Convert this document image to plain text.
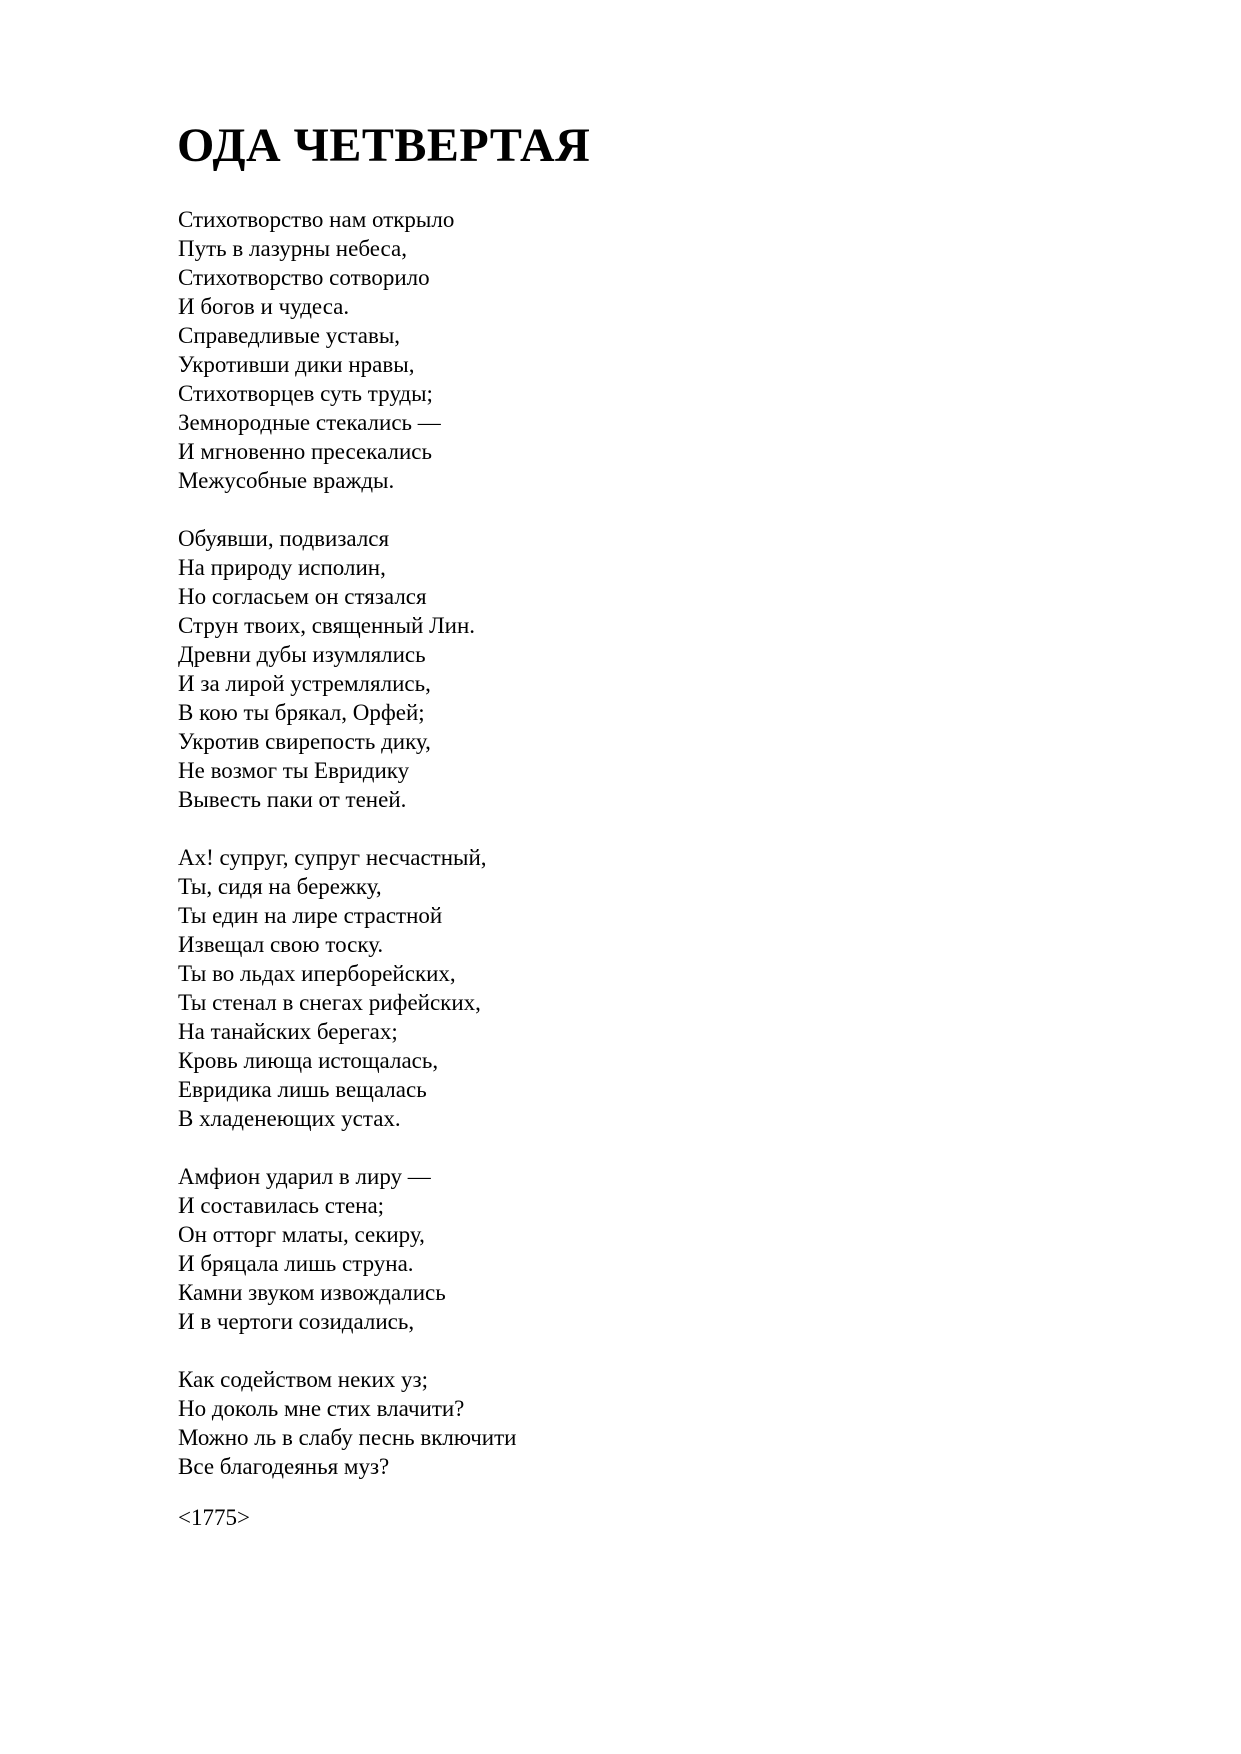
ОДА ЧЕТВЕРТАЯ
Стихотворство нам открыло
Путь в лазурны небеса,
Стихотворство сотворило
И богов и чудеса.
Справедливые уставы,
Укротивши дики нравы,
Стихотворцев суть труды;
Земнородные стекались —
И мгновенно пресекались
Межусобные вражды.
Обуявши, подвизался
На природу исполин,
Но согласьем он стязался
Струн твоих, священный Лин.
Древни дубы изумлялись
И за лирой устремлялись,
В кою ты брякал, Орфей;
Укротив свирепость дику,
Не возмог ты Евридику
Вывесть паки от теней.
Ах! супруг, супруг несчастный,
Ты, сидя на бережку,
Ты един на лире страстной
Извещал свою тоску.
Ты во льдах иперборейских,
Ты стенал в снегах рифейских,
На танайских берегах;
Кровь лиюща истощалась,
Евридика лишь вещалась
В хладенеющих устах.
Амфион ударил в лиру —
И составилась стена;
Он отторг млаты, секиру,
И бряцала лишь струна.
Камни звуком извождались
И в чертоги созидались,
Как содейством неких уз;
Но доколь мне стих влачити?
Можно ль в слабу песнь включити
Все благодеянья муз?
<1775>
